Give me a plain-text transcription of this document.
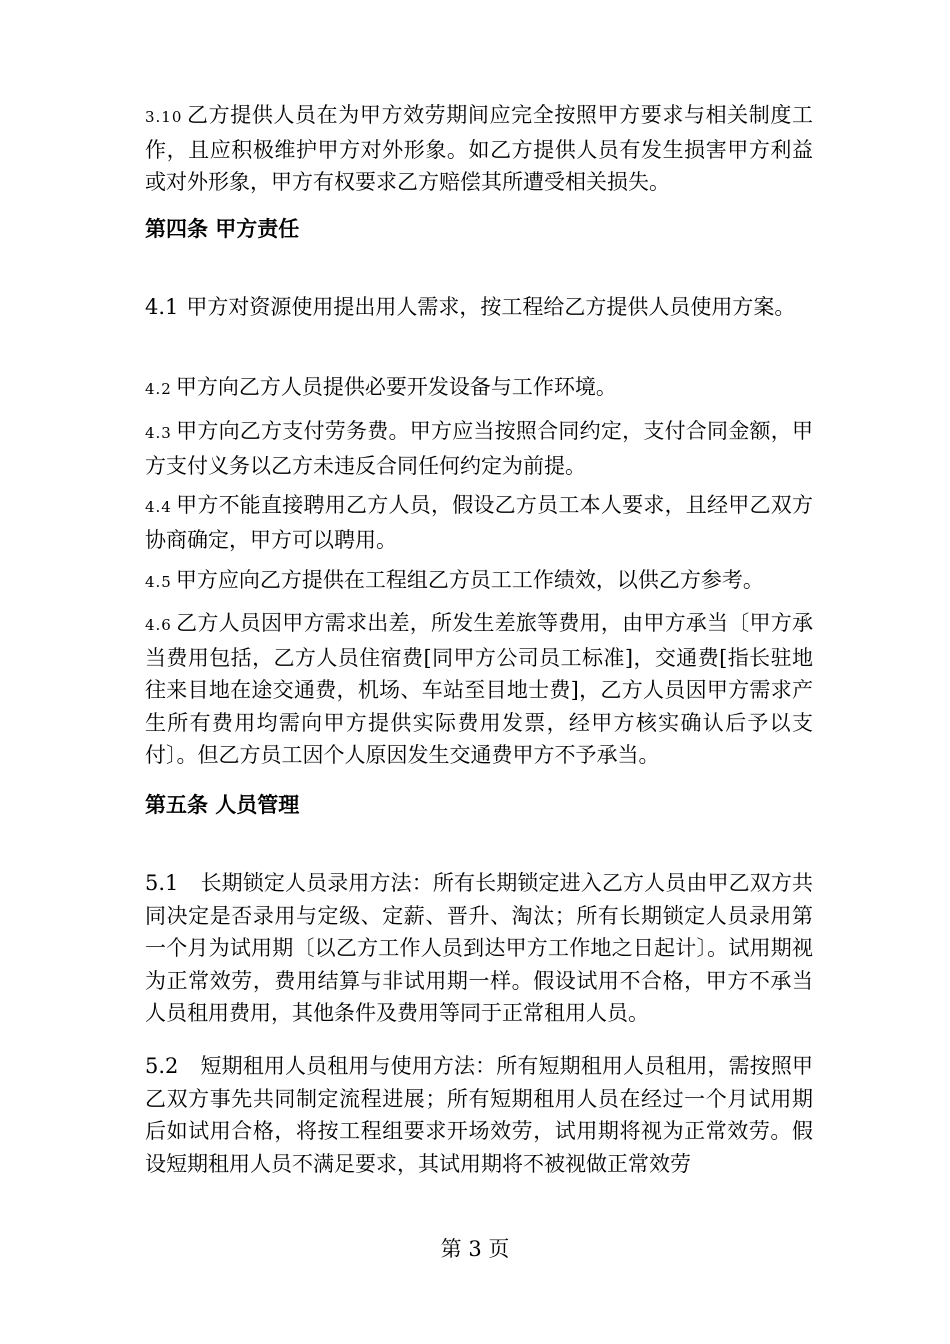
3.10 乙方提供人员在为甲方效劳期间应完全按照甲方要求与相关制度工作，且应积极维护甲方对外形象。如乙方提供人员有发生损害甲方利益或对外形象，甲方有权要求乙方赔偿其所遭受相关损失。

第四条 甲方责任

4.1 甲方对资源使用提出用人需求，按工程给乙方提供人员使用方案。

4.2 甲方向乙方人员提供必要开发设备与工作环境。

4.3 甲方向乙方支付劳务费。甲方应当按照合同约定，支付合同金额，甲方支付义务以乙方未违反合同任何约定为前提。

4.4 甲方不能直接聘用乙方人员，假设乙方员工本人要求，且经甲乙双方协商确定，甲方可以聘用。

4.5 甲方应向乙方提供在工程组乙方员工工作绩效，以供乙方参考。

4.6 乙方人员因甲方需求出差，所发生差旅等费用，由甲方承当〔甲方承当费用包括，乙方人员住宿费[同甲方公司员工标准]，交通费[指长驻地往来目地在途交通费，机场、车站至目地士费]，乙方人员因甲方需求产生所有费用均需向甲方提供实际费用发票，经甲方核实确认后予以支付〕。但乙方员工因个人原因发生交通费甲方不予承当。

第五条 人员管理

5.1 长期锁定人员录用方法：所有长期锁定进入乙方人员由甲乙双方共同决定是否录用与定级、定薪、晋升、淘汰；所有长期锁定人员录用第一个月为试用期〔以乙方工作人员到达甲方工作地之日起计〕。试用期视为正常效劳，费用结算与非试用期一样。假设试用不合格，甲方不承当人员租用费用，其他条件及费用等同于正常租用人员。

5.2 短期租用人员租用与使用方法：所有短期租用人员租用，需按照甲乙双方事先共同制定流程进展；所有短期租用人员在经过一个月试用期后如试用合格，将按工程组要求开场效劳，试用期将视为正常效劳。假设短期租用人员不满足要求，其试用期将不被视做正常效劳

第 3 页
